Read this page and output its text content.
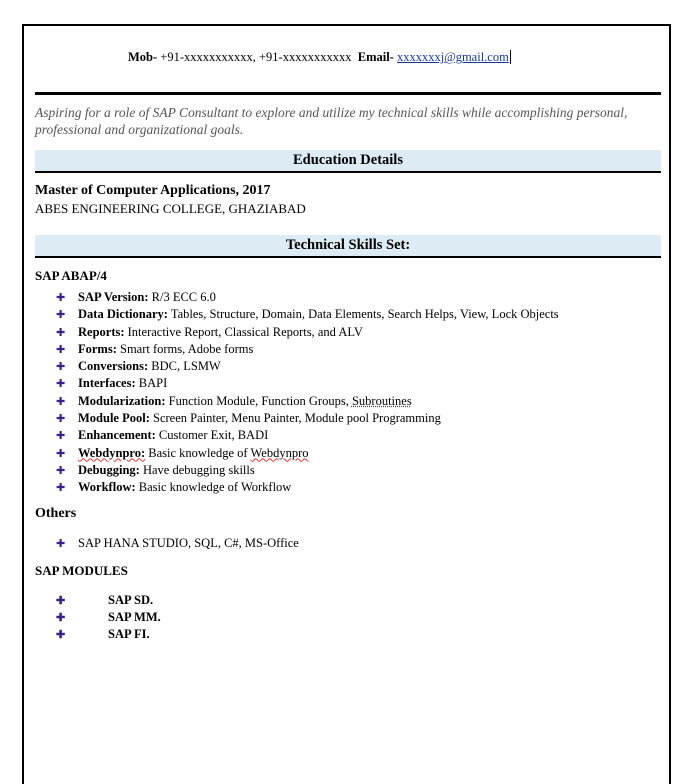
Mob- +91-xxxxxxxxxxx, +91-xxxxxxxxxxx Email- xxxxxxxj@gmail.com
Aspiring for a role of SAP Consultant to explore and utilize my technical skills while accomplishing personal, professional and organizational goals.
Education Details
Master of Computer Applications, 2017
ABES ENGINEERING COLLEGE, GHAZIABAD
Technical Skills Set:
SAP ABAP/4
✚SAP Version: R/3 ECC 6.0
✚Data Dictionary: Tables, Structure, Domain, Data Elements, Search Helps, View, Lock Objects
✚Reports: Interactive Report, Classical Reports, and ALV
✚Forms: Smart forms, Adobe forms
✚Conversions: BDC, LSMW
✚Interfaces: BAPI
✚Modularization: Function Module, Function Groups, Subroutines
✚Module Pool: Screen Painter, Menu Painter, Module pool Programming
✚Enhancement: Customer Exit, BADI
✚Webdynpro: Basic knowledge of Webdynpro
✚Debugging: Have debugging skills
✚Workflow: Basic knowledge of Workflow
Others
✚SAP HANA STUDIO, SQL, C#, MS-Office
SAP MODULES
✚SAP SD.
✚SAP MM.
✚SAP FI.
